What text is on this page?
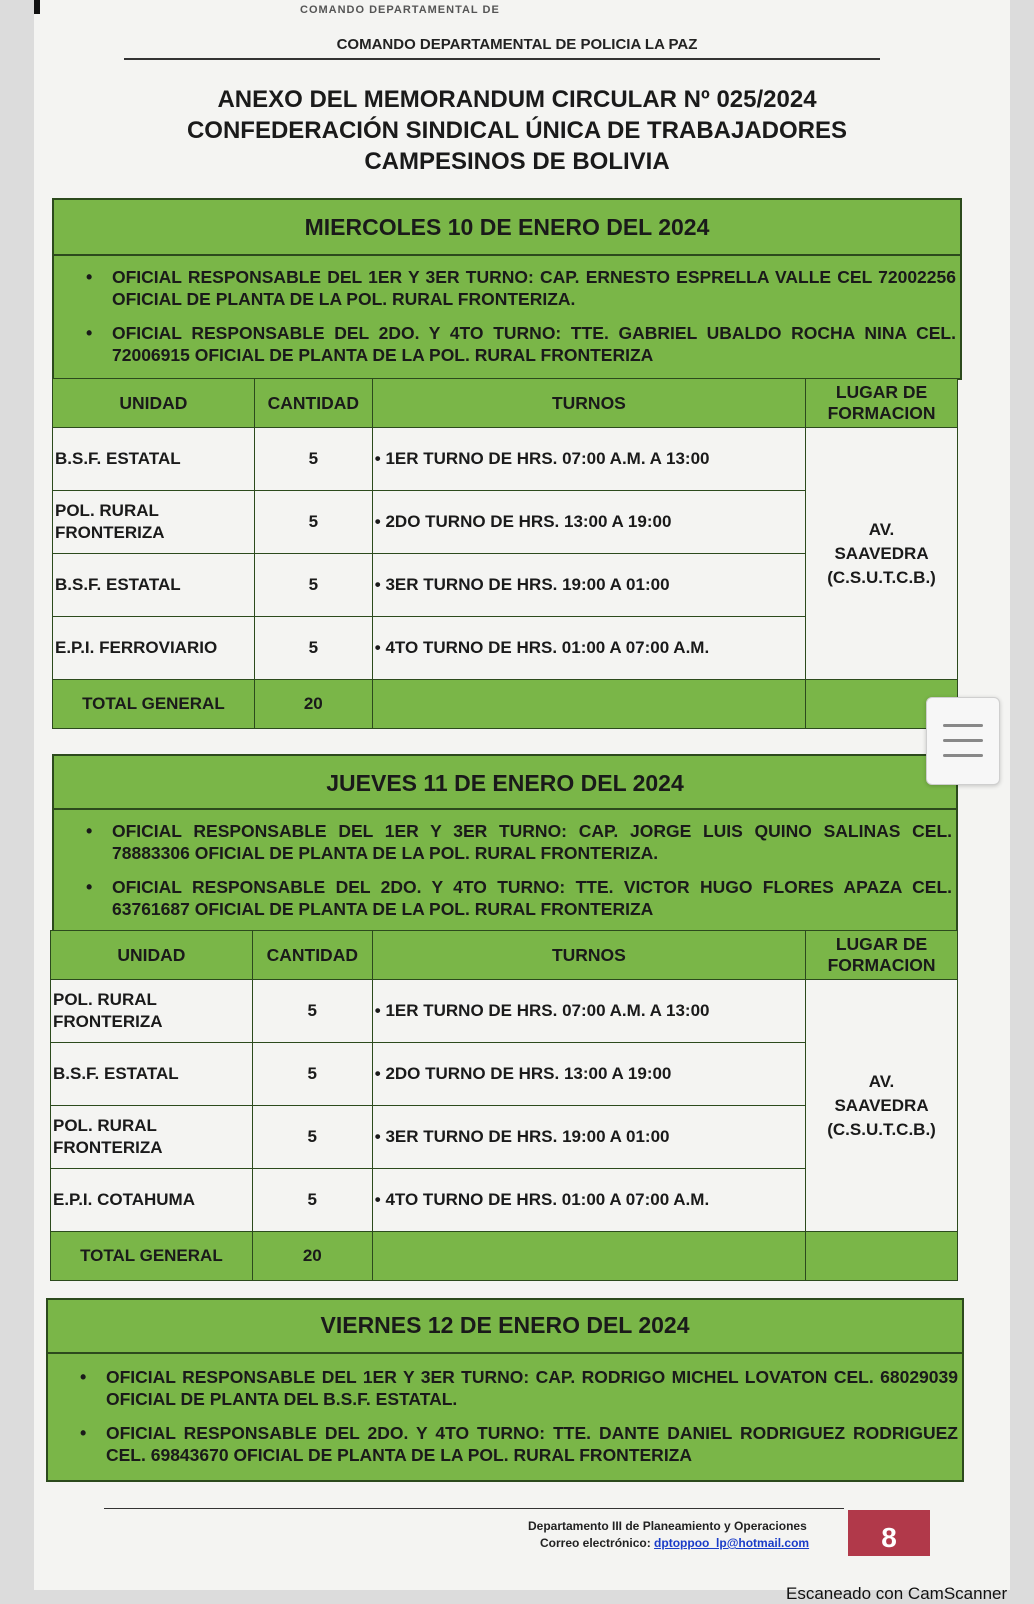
COMANDO DEPARTAMENTAL DE
COMANDO DEPARTAMENTAL DE POLICIA LA PAZ
ANEXO DEL MEMORANDUM CIRCULAR Nº 025/2024
CONFEDERACIÓN SINDICAL ÚNICA DE TRABAJADORES
CAMPESINOS DE BOLIVIA
MIERCOLES 10 DE ENERO DEL 2024
• OFICIAL RESPONSABLE DEL 1ER Y 3ER TURNO: CAP. ERNESTO ESPRELLA VALLE CEL 72002256 OFICIAL DE PLANTA DE LA POL. RURAL FRONTERIZA.
• OFICIAL RESPONSABLE DEL 2DO. Y 4TO TURNO: TTE. GABRIEL UBALDO ROCHA NINA CEL. 72006915 OFICIAL DE PLANTA DE LA POL. RURAL FRONTERIZA
UNIDAD	CANTIDAD	TURNOS	LUGAR DE
FORMACION
B.S.F. ESTATAL	5	• 1ER TURNO DE HRS. 07:00 A.M. A 13:00	AV.
SAAVEDRA
(C.S.U.T.C.B.)
POL. RURAL
FRONTERIZA	5	• 2DO TURNO DE HRS. 13:00 A 19:00
B.S.F. ESTATAL	5	• 3ER TURNO DE HRS. 19:00 A 01:00
E.P.I. FERROVIARIO	5	• 4TO TURNO DE HRS. 01:00 A 07:00 A.M.
TOTAL GENERAL	20		
JUEVES 11 DE ENERO DEL 2024
• OFICIAL RESPONSABLE DEL 1ER Y 3ER TURNO: CAP. JORGE LUIS QUINO SALINAS CEL. 78883306 OFICIAL DE PLANTA DE LA POL. RURAL FRONTERIZA.
• OFICIAL RESPONSABLE DEL 2DO. Y 4TO TURNO: TTE. VICTOR HUGO FLORES APAZA CEL. 63761687 OFICIAL DE PLANTA DE LA POL. RURAL FRONTERIZA
UNIDAD	CANTIDAD	TURNOS	LUGAR DE
FORMACION
POL. RURAL
FRONTERIZA	5	• 1ER TURNO DE HRS. 07:00 A.M. A 13:00	AV.
SAAVEDRA
(C.S.U.T.C.B.)
B.S.F. ESTATAL	5	• 2DO TURNO DE HRS. 13:00 A 19:00
POL. RURAL
FRONTERIZA	5	• 3ER TURNO DE HRS. 19:00 A 01:00
E.P.I. COTAHUMA	5	• 4TO TURNO DE HRS. 01:00 A 07:00 A.M.
TOTAL GENERAL	20		
VIERNES 12 DE ENERO DEL 2024
• OFICIAL RESPONSABLE DEL 1ER Y 3ER TURNO: CAP. RODRIGO MICHEL LOVATON CEL. 68029039 OFICIAL DE PLANTA DEL B.S.F. ESTATAL.
• OFICIAL RESPONSABLE DEL 2DO. Y 4TO TURNO: TTE. DANTE DANIEL RODRIGUEZ RODRIGUEZ CEL. 69843670 OFICIAL DE PLANTA DE LA POL. RURAL FRONTERIZA
Departamento III de Planeamiento y Operaciones
Correo electrónico: dptoppoo_lp@hotmail.com	8
Escaneado con CamScanner
